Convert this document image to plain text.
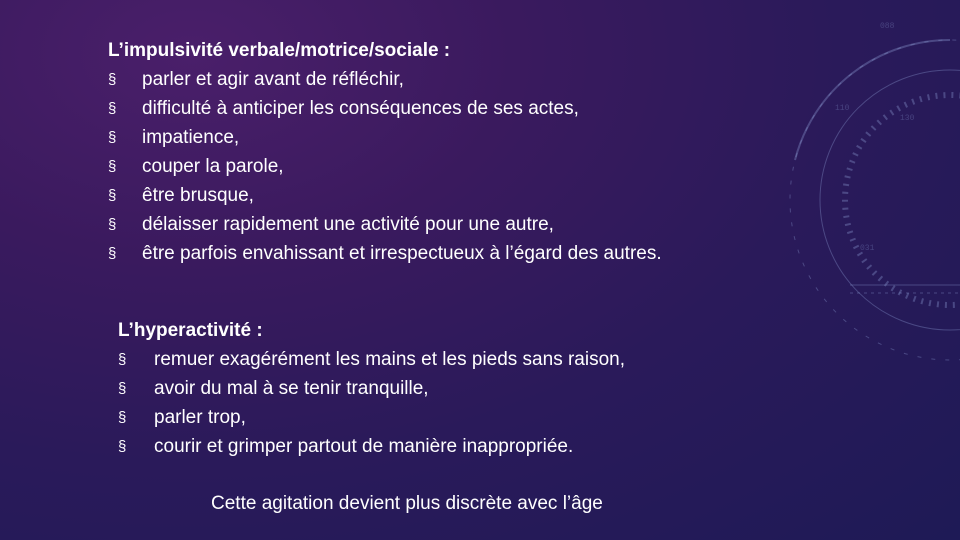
088
130
110
031
L’impulsivité verbale/motrice/sociale :
§	parler et agir avant de réfléchir,
§	difficulté à anticiper les conséquences de ses actes,
§	impatience,
§	couper la parole,
§	être brusque,
§	délaisser rapidement une activité pour une autre,
§	être parfois envahissant et irrespectueux à l’égard des autres.
L’hyperactivité :
§	remuer exagérément les mains et les pieds sans raison,
§	avoir du mal à se tenir tranquille,
§	parler trop,
§	courir et grimper partout de manière inappropriée.
Cette agitation devient plus discrète avec l’âge
